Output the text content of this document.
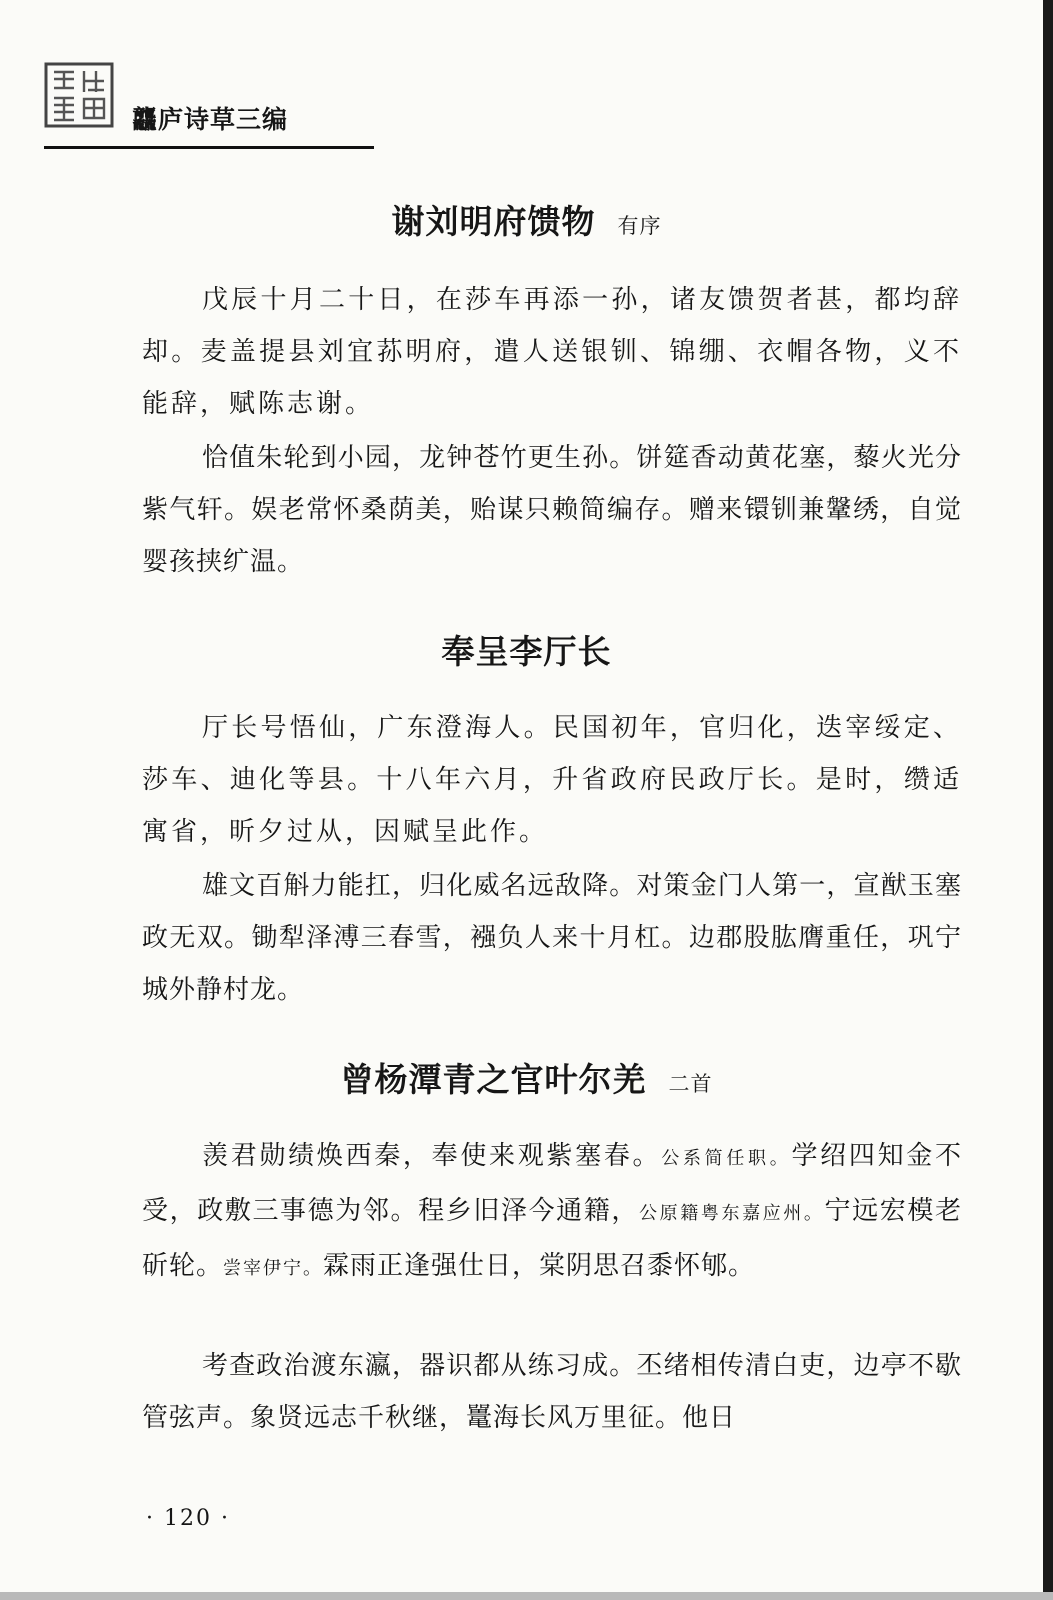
龘庐诗草三编
谢刘明府馈物 有序
戊辰十月二十日，在莎车再添一孙，诸友馈贺者甚，都均辞却。麦盖提县刘宜荪明府，遣人送银钏、锦绷、衣帽各物，义不能辞，赋陈志谢。
恰值朱轮到小园，龙钟苍竹更生孙。饼筵香动黄花塞，藜火光分紫气轩。娱老常怀桑荫美，贻谋只赖简编存。赠来镮钏兼鞶绣，自觉婴孩挟纩温。
奉呈李厅长
厅长号悟仙，广东澄海人。民国初年，官归化，迭宰绥定、莎车、迪化等县。十八年六月，升省政府民政厅长。是时，缵适寓省，昕夕过从，因赋呈此作。
雄文百斛力能扛，归化威名远敌降。对策金门人第一，宣猷玉塞政无双。锄犁泽溥三春雪，襁负人来十月杠。边郡股肱膺重任，巩宁城外静村龙。
曾杨潭青之官叶尔羌 二首
羡君勋绩焕西秦，奉使来观紫塞春。公系简任职。学绍四知金不受，政敷三事德为邻。程乡旧泽今通籍，公原籍粤东嘉应州。宁远宏模老斫轮。尝宰伊宁。霖雨正逢强仕日，棠阴思召黍怀郇。
考查政治渡东瀛，器识都从练习成。丕绪相传清白吏，边亭不歇管弦声。象贤远志千秋继，鼍海长风万里征。他日
· 120 ·
